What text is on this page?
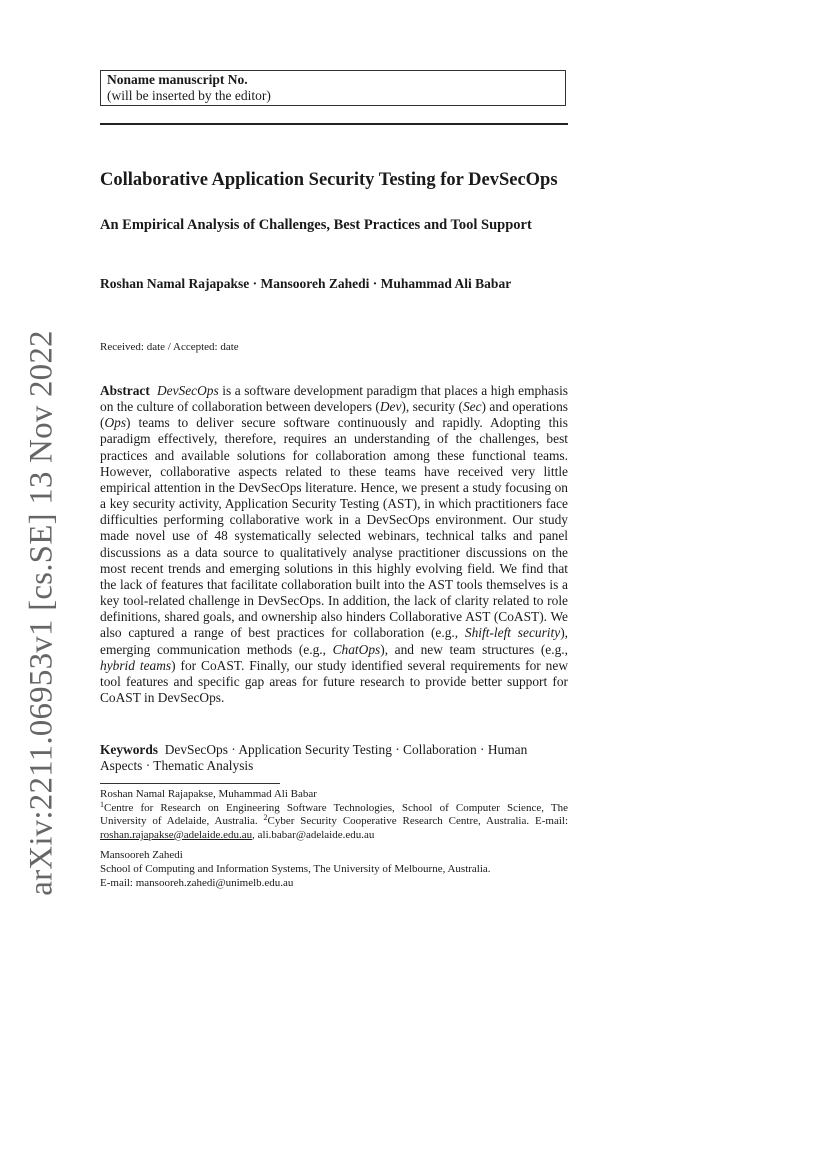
arXiv:2211.06953v1 [cs.SE] 13 Nov 2022
Noname manuscript No.
(will be inserted by the editor)
Collaborative Application Security Testing for DevSecOps
An Empirical Analysis of Challenges, Best Practices and Tool Support
Roshan Namal Rajapakse · Mansooreh Zahedi · Muhammad Ali Babar
Received: date / Accepted: date
Abstract DevSecOps is a software development paradigm that places a high emphasis on the culture of collaboration between developers (Dev), security (Sec) and operations (Ops) teams to deliver secure software continuously and rapidly. Adopting this paradigm effectively, therefore, requires an understanding of the challenges, best practices and available solutions for collaboration among these functional teams. However, collaborative aspects related to these teams have received very little empirical attention in the DevSecOps literature. Hence, we present a study focusing on a key security activity, Application Security Testing (AST), in which practitioners face difficulties performing collaborative work in a DevSecOps environment. Our study made novel use of 48 systematically selected webinars, technical talks and panel discussions as a data source to qualitatively analyse practitioner discussions on the most recent trends and emerging solutions in this highly evolving field. We find that the lack of features that facilitate collaboration built into the AST tools themselves is a key tool-related challenge in DevSecOps. In addition, the lack of clarity related to role definitions, shared goals, and ownership also hinders Collaborative AST (CoAST). We also captured a range of best practices for collaboration (e.g., Shift-left security), emerging communication methods (e.g., ChatOps), and new team structures (e.g., hybrid teams) for CoAST. Finally, our study identified several requirements for new tool features and specific gap areas for future research to provide better support for CoAST in DevSecOps.
Keywords DevSecOps · Application Security Testing · Collaboration · Human Aspects · Thematic Analysis

Roshan Namal Rajapakse, Muhammad Ali Babar

$^1$Centre for Research on Engineering Software Technologies, School of Computer Science, The University of Adelaide, Australia. $^2$Cyber Security Cooperative Research Centre, Australia. E-mail: roshan.rajapakse@adelaide.edu.au, ali.babar@adelaide.edu.au

Mansooreh Zahedi

School of Computing and Information Systems, The University of Melbourne, Australia.

E-mail: mansooreh.zahedi@unimelb.edu.au
